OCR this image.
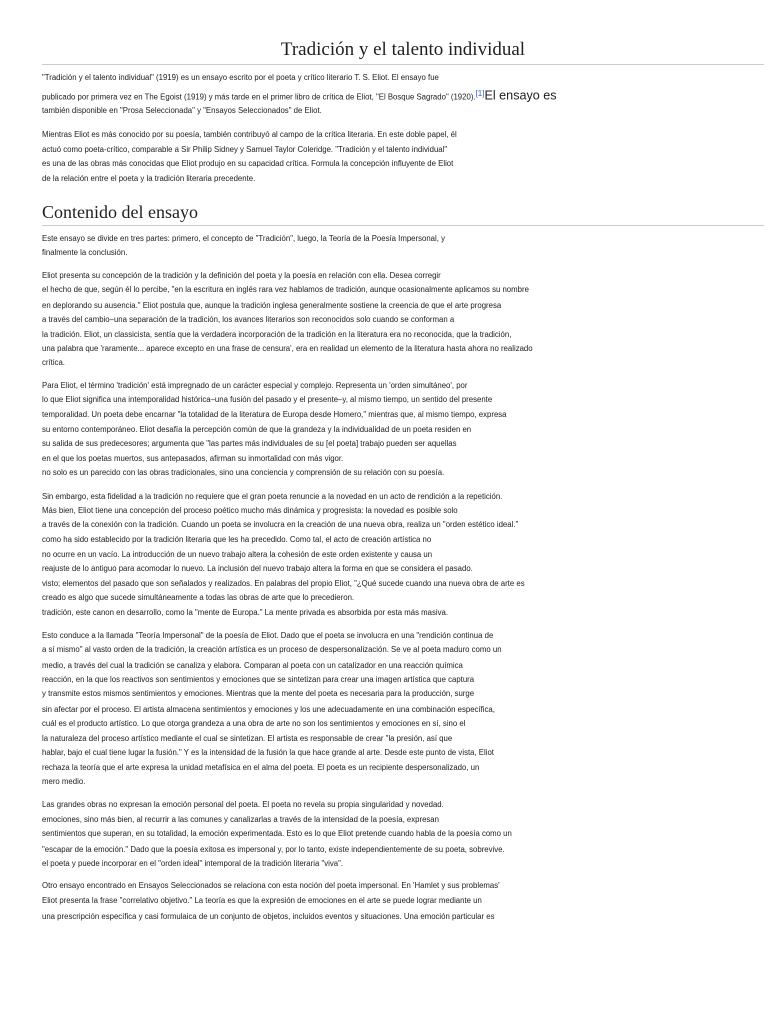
Tradición y el talento individual

"Tradición y el talento individual" (1919) es un ensayo escrito por el poeta y crítico literario T. S. Eliot. El ensayo fue
publicado por primera vez en The Egoist (1919) y más tarde en el primer libro de crítica de Eliot, "El Bosque Sagrado" (1920).[1]El ensayo es
también disponible en "Prosa Seleccionada" y "Ensayos Seleccionados" de Eliot.

Mientras Eliot es más conocido por su poesía, también contribuyó al campo de la crítica literaria. En este doble papel, él
actuó como poeta-crítico, comparable a Sir Philip Sidney y Samuel Taylor Coleridge. "Tradición y el talento individual"
es una de las obras más conocidas que Eliot produjo en su capacidad crítica. Formula la concepción influyente de Eliot
de la relación entre el poeta y la tradición literaria precedente.

Contenido del ensayo

Este ensayo se divide en tres partes: primero, el concepto de "Tradición", luego, la Teoría de la Poesía Impersonal, y
finalmente la conclusión.

Eliot presenta su concepción de la tradición y la definición del poeta y la poesía en relación con ella. Desea corregir
el hecho de que, según él lo percibe, "en la escritura en inglés rara vez hablamos de tradición, aunque ocasionalmente aplicamos su nombre
en deplorando su ausencia." Eliot postula que, aunque la tradición inglesa generalmente sostiene la creencia de que el arte progresa
a través del cambio–una separación de la tradición, los avances literarios son reconocidos solo cuando se conforman a
la tradición. Eliot, un classicista, sentía que la verdadera incorporación de la tradición en la literatura era no reconocida, que la tradición,
una palabra que 'raramente... aparece excepto en una frase de censura', era en realidad un elemento de la literatura hasta ahora no realizado
crítica.

Para Eliot, el término 'tradición' está impregnado de un carácter especial y complejo. Representa un 'orden simultáneo', por
lo que Eliot significa una intemporalidad histórica–una fusión del pasado y el presente–y, al mismo tiempo, un sentido del presente
temporalidad. Un poeta debe encarnar "la totalidad de la literatura de Europa desde Homero," mientras que, al mismo tiempo, expresa
su entorno contemporáneo. Eliot desafía la percepción común de que la grandeza y la individualidad de un poeta residen en
su salida de sus predecesores; argumenta que "las partes más individuales de su [el poeta] trabajo pueden ser aquellas
en el que los poetas muertos, sus antepasados, afirman su inmortalidad con más vigor.
no solo es un parecido con las obras tradicionales, sino una conciencia y comprensión de su relación con su poesía.

Sin embargo, esta fidelidad a la tradición no requiere que el gran poeta renuncie a la novedad en un acto de rendición a la repetición.
Más bien, Eliot tiene una concepción del proceso poético mucho más dinámica y progresista: la novedad es posible solo
a través de la conexión con la tradición. Cuando un poeta se involucra en la creación de una nueva obra, realiza un "orden estético ideal."
como ha sido establecido por la tradición literaria que les ha precedido. Como tal, el acto de creación artística no
no ocurre en un vacío. La introducción de un nuevo trabajo altera la cohesión de este orden existente y causa un
reajuste de lo antiguo para acomodar lo nuevo. La inclusión del nuevo trabajo altera la forma en que se considera el pasado.
visto; elementos del pasado que son señalados y realizados. En palabras del propio Eliot, "¿Qué sucede cuando una nueva obra de arte es
creado es algo que sucede simultáneamente a todas las obras de arte que lo precedieron.
tradición, este canon en desarrollo, como la "mente de Europa." La mente privada es absorbida por esta más masiva.

Esto conduce a la llamada "Teoría Impersonal" de la poesía de Eliot. Dado que el poeta se involucra en una "rendición continua de
a sí mismo" al vasto orden de la tradición, la creación artística es un proceso de despersonalización. Se ve al poeta maduro como un
medio, a través del cual la tradición se canaliza y elabora. Comparan al poeta con un catalizador en una reacción química
reacción, en la que los reactivos son sentimientos y emociones que se sintetizan para crear una imagen artística que captura
y transmite estos mismos sentimientos y emociones. Mientras que la mente del poeta es necesaria para la producción, surge
sin afectar por el proceso. El artista almacena sentimientos y emociones y los une adecuadamente en una combinación específica,
cuál es el producto artístico. Lo que otorga grandeza a una obra de arte no son los sentimientos y emociones en sí, sino el
la naturaleza del proceso artístico mediante el cual se sintetizan. El artista es responsable de crear "la presión, así que
hablar, bajo el cual tiene lugar la fusión." Y es la intensidad de la fusión la que hace grande al arte. Desde este punto de vista, Eliot
rechaza la teoría que el arte expresa la unidad metafísica en el alma del poeta. El poeta es un recipiente despersonalizado, un
mero medio.

Las grandes obras no expresan la emoción personal del poeta. El poeta no revela su propia singularidad y novedad.
emociones, sino más bien, al recurrir a las comunes y canalizarlas a través de la intensidad de la poesía, expresan
sentimientos que superan, en su totalidad, la emoción experimentada. Esto es lo que Eliot pretende cuando habla de la poesía como un
"escapar de la emoción." Dado que la poesía exitosa es impersonal y, por lo tanto, existe independientemente de su poeta, sobrevive.
el poeta y puede incorporar en el "orden ideal" intemporal de la tradición literaria "viva".

Otro ensayo encontrado en Ensayos Seleccionados se relaciona con esta noción del poeta impersonal. En 'Hamlet y sus problemas'
Eliot presenta la frase "correlativo objetivo." La teoría es que la expresión de emociones en el arte se puede lograr mediante un
una prescripción específica y casi formulaica de un conjunto de objetos, incluidos eventos y situaciones. Una emoción particular es
